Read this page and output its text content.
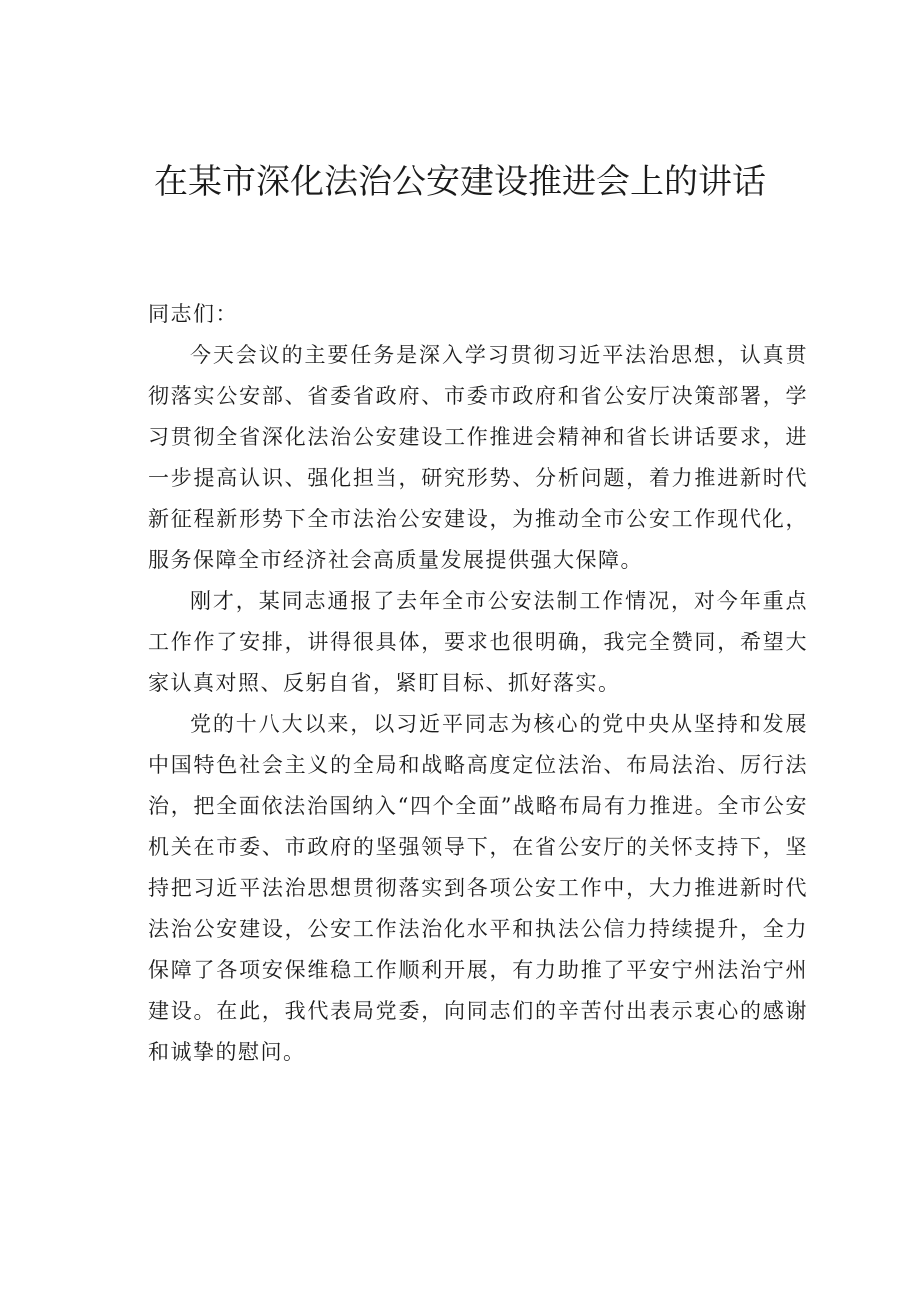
在某市深化法治公安建设推进会上的讲话

同志们：

今天会议的主要任务是深入学习贯彻习近平法治思想，认真贯彻落实公安部、省委省政府、市委市政府和省公安厅决策部署，学习贯彻全省深化法治公安建设工作推进会精神和省长讲话要求，进一步提高认识、强化担当，研究形势、分析问题，着力推进新时代新征程新形势下全市法治公安建设，为推动全市公安工作现代化，服务保障全市经济社会高质量发展提供强大保障。

刚才，某同志通报了去年全市公安法制工作情况，对今年重点工作作了安排，讲得很具体，要求也很明确，我完全赞同，希望大家认真对照、反躬自省，紧盯目标、抓好落实。

党的十八大以来，以习近平同志为核心的党中央从坚持和发展中国特色社会主义的全局和战略高度定位法治、布局法治、厉行法治，把全面依法治国纳入“四个全面”战略布局有力推进。全市公安机关在市委、市政府的坚强领导下，在省公安厅的关怀支持下，坚持把习近平法治思想贯彻落实到各项公安工作中，大力推进新时代法治公安建设，公安工作法治化水平和执法公信力持续提升，全力保障了各项安保维稳工作顺利开展，有力助推了平安宁州法治宁州建设。在此，我代表局党委，向同志们的辛苦付出表示衷心的感谢和诚挚的慰问。
